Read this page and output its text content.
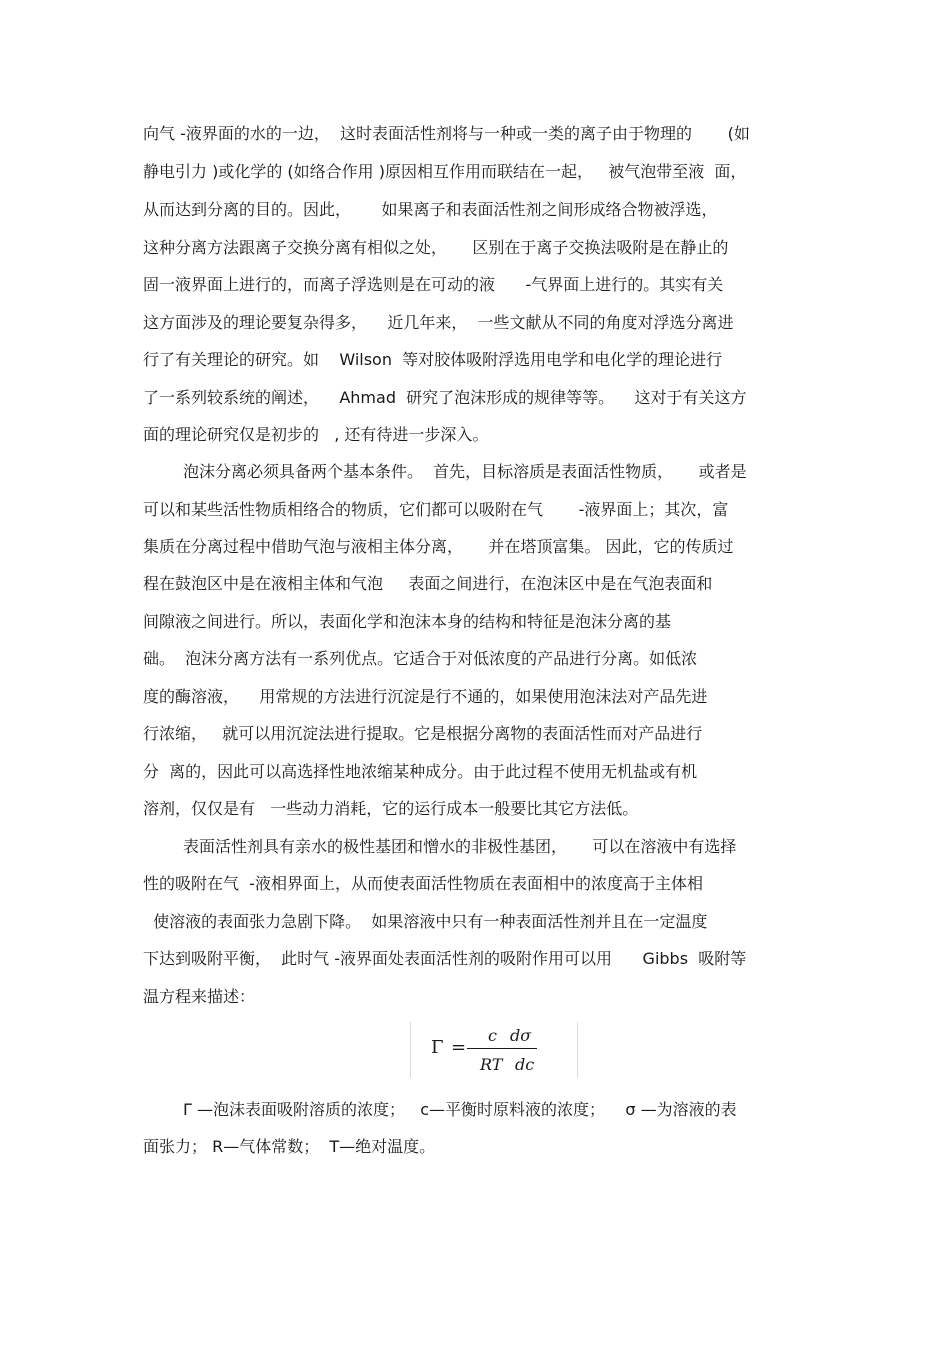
向气 -液界面的水的一边，  这时表面活性剂将与一种或一类的离子由于物理的       (如
静电引力 )或化学的 (如络合作用 )原因相互作用而联结在一起，   被气泡带至液  面，
从而达到分离的目的。因此，      如果离子和表面活性剂之间形成络合物被浮选，
这种分离方法跟离子交换分离有相似之处，     区别在于离子交换法吸附是在静止的
固一液界面上进行的，而离子浮选则是在可动的液      -气界面上进行的。其实有关
这方面涉及的理论要复杂得多，    近几年来，  一些文献从不同的角度对浮选分离进
行了有关理论的研究。如    Wilson  等对胶体吸附浮选用电学和电化学的理论进行
了一系列较系统的阐述，    Ahmad  研究了泡沫形成的规律等等。    这对于有关这方
面的理论研究仅是初步的   , 还有待进一步深入。
泡沫分离必须具备两个基本条件。  首先，目标溶质是表面活性物质，     或者是
可以和某些活性物质相络合的物质，它们都可以吸附在气       -液界面上；其次，富
集质在分离过程中借助气泡与液相主体分离，     并在塔顶富集。 因此，它的传质过
程在鼓泡区中是在液相主体和气泡     表面之间进行，在泡沫区中是在气泡表面和
间隙液之间进行。所以，表面化学和泡沫本身的结构和特征是泡沫分离的基
础。  泡沫分离方法有一系列优点。它适合于对低浓度的产品进行分离。如低浓
度的酶溶液，    用常规的方法进行沉淀是行不通的，如果使用泡沫法对产品先进
行浓缩，   就可以用沉淀法进行提取。它是根据分离物的表面活性而对产品进行
分  离的，因此可以高选择性地浓缩某种成分。由于此过程不使用无机盐或有机
溶剂，仅仅是有   一些动力消耗，它的运行成本一般要比其它方法低。
表面活性剂具有亲水的极性基团和憎水的非极性基团，     可以在溶液中有选择
性的吸附在气  -液相界面上，从而使表面活性物质在表面相中的浓度高于主体相
使溶液的表面张力急剧下降。  如果溶液中只有一种表面活性剂并且在一定温度
下达到吸附平衡，  此时气 -液界面处表面活性剂的吸附作用可以用      Gibbs  吸附等
温方程来描述：
Γ =
c dσ
RT dc
Γ —泡沫表面吸附溶质的浓度；   c—平衡时原料液的浓度；    σ —为溶液的表
面张力； R—气体常数；  T—绝对温度。
